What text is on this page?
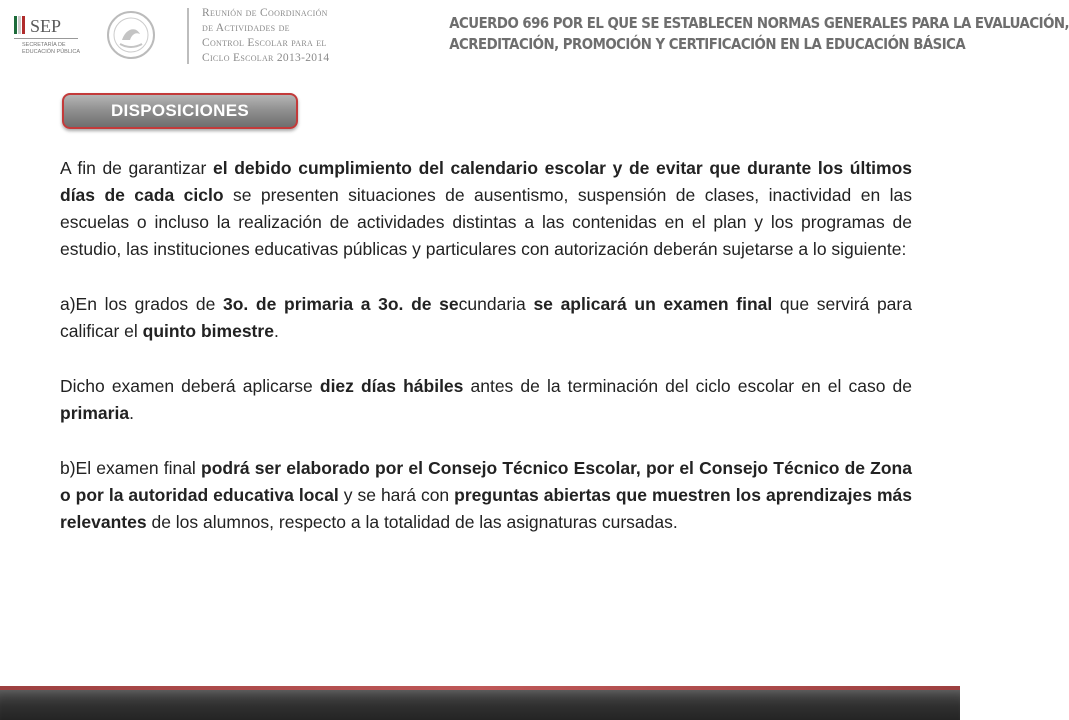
SEP
SECRETARÍA DE
EDUCACIÓN PÚBLICA
Reunión de Coordinación
de Actividades de
Control Escolar para el
Ciclo Escolar 2013-2014
ACUERDO 696 POR EL QUE SE ESTABLECEN NORMAS GENERALES PARA LA EVALUACIÓN,
ACREDITACIÓN, PROMOCIÓN Y CERTIFICACIÓN EN LA EDUCACIÓN BÁSICA
DISPOSICIONES

A fin de garantizar el debido cumplimiento del calendario escolar y de evitar que durante los últimos días de cada ciclo se presenten situaciones de ausentismo, suspensión de clases, inactividad en las escuelas o incluso la realización de actividades distintas a las contenidas en el plan y los programas de estudio, las instituciones educativas públicas y particulares con autorización deberán sujetarse a lo siguiente:

a)En los grados de 3o. de primaria a 3o. de secundaria se aplicará un examen final que servirá para calificar el quinto bimestre.

Dicho examen deberá aplicarse diez días hábiles antes de la terminación del ciclo escolar en el caso de primaria.

b)El examen final podrá ser elaborado por el Consejo Técnico Escolar, por el Consejo Técnico de Zona o por la autoridad educativa local y se hará con preguntas abiertas que muestren los aprendizajes más relevantes de los alumnos, respecto a la totalidad de las asignaturas cursadas.
